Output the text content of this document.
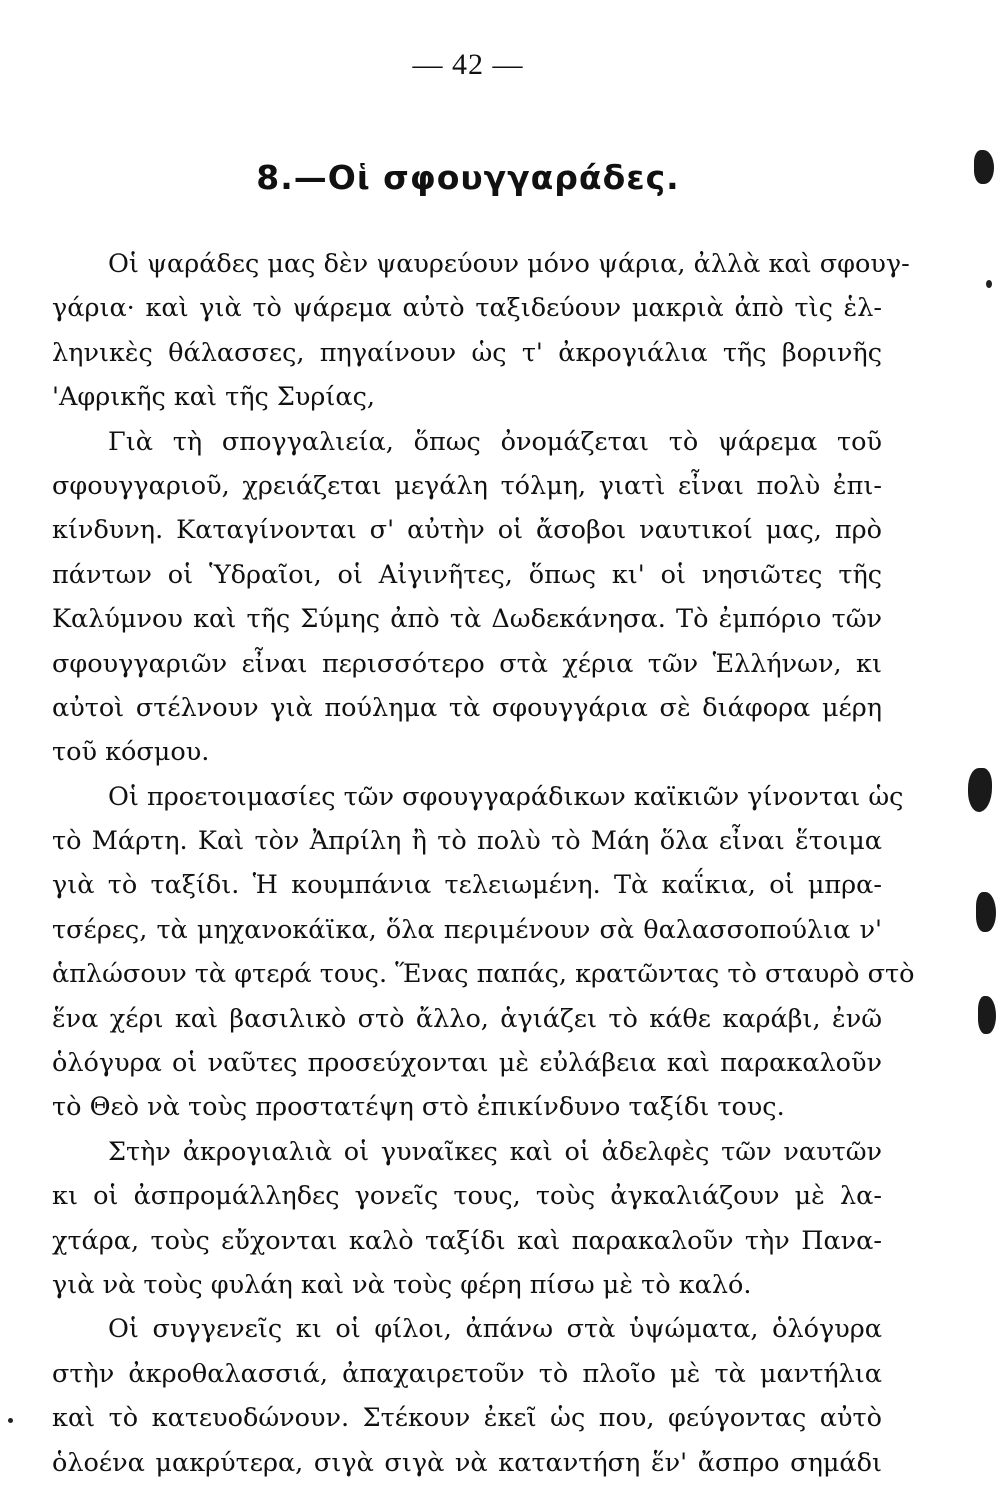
— 42 —
8.—Οἱ σφουγγαράδες.
Οἱ ψαράδες μας δὲν ψαυρεύουν μόνο ψάρια, ἀλλὰ καὶ σφουγ-
γάρια· καὶ γιὰ τὸ ψάρεμα αὐτὸ ταξιδεύουν μακριὰ ἀπὸ τὶς ἑλ-
ληνικὲς θάλασσες, πηγαίνουν ὡς τ' ἀκρογιάλια τῆς βορινῆς
'Αφρικῆς καὶ τῆς Συρίας,
Γιὰ τὴ σπογγαλιεία, ὅπως ὀνομάζεται τὸ ψάρεμα τοῦ
σφουγγαριοῦ, χρειάζεται μεγάλη τόλμη, γιατὶ εἶναι πολὺ ἐπι-
κίνδυνη. Καταγίνονται σ' αὐτὴν οἱ ἄσοβοι ναυτικοί μας, πρὸ
πάντων οἱ Ὑδραῖοι, οἱ Αἰγινῆτες, ὅπως κι' οἱ νησιῶτες τῆς
Καλύμνου καὶ τῆς Σύμης ἀπὸ τὰ Δωδεκάνησα. Τὸ ἐμπόριο τῶν
σφουγγαριῶν εἶναι περισσότερο στὰ χέρια τῶν Ἑλλήνων, κι
αὐτοὶ στέλνουν γιὰ πούλημα τὰ σφουγγάρια σὲ διάφορα μέρη
τοῦ κόσμου.
Οἱ προετοιμασίες τῶν σφουγγαράδικων καϊκιῶν γίνονται ὡς
τὸ Μάρτη. Καὶ τὸν Ἀπρίλη ἢ τὸ πολὺ τὸ Μάη ὅλα εἶναι ἕτοιμα
γιὰ τὸ ταξίδι. Ἡ κουμπάνια τελειωμένη. Τὰ καΐκια, οἱ μπρα-
τσέρες, τὰ μηχανοκάϊκα, ὅλα περιμένουν σὰ θαλασσοπούλια ν'
ἁπλώσουν τὰ φτερά τους. Ἕνας παπάς, κρατῶντας τὸ σταυρὸ στὸ
ἕνα χέρι καὶ βασιλικὸ στὸ ἄλλο, ἁγιάζει τὸ κάθε καράβι, ἐνῶ
ὁλόγυρα οἱ ναῦτες προσεύχονται μὲ εὐλάβεια καὶ παρακαλοῦν
τὸ Θεὸ νὰ τοὺς προστατέψη στὸ ἐπικίνδυνο ταξίδι τους.
Στὴν ἀκρογιαλιὰ οἱ γυναῖκες καὶ οἱ ἀδελφὲς τῶν ναυτῶν
κι οἱ ἀσπρομάλληδες γονεῖς τους, τοὺς ἀγκαλιάζουν μὲ λα-
χτάρα, τοὺς εὔχονται καλὸ ταξίδι καὶ παρακαλοῦν τὴν Πανα-
γιὰ νὰ τοὺς φυλάη καὶ νὰ τοὺς φέρη πίσω μὲ τὸ καλό.
Οἱ συγγενεῖς κι οἱ φίλοι, ἀπάνω στὰ ὑψώματα, ὁλόγυρα
στὴν ἀκροθαλασσιά, ἀπαχαιρετοῦν τὸ πλοῖο μὲ τὰ μαντήλια
καὶ τὸ κατευοδώνουν. Στέκουν ἐκεῖ ὡς που, φεύγοντας αὐτὸ
ὁλοένα μακρύτερα, σιγὰ σιγὰ νὰ καταντήση ἕν' ἄσπρο σημάδι
